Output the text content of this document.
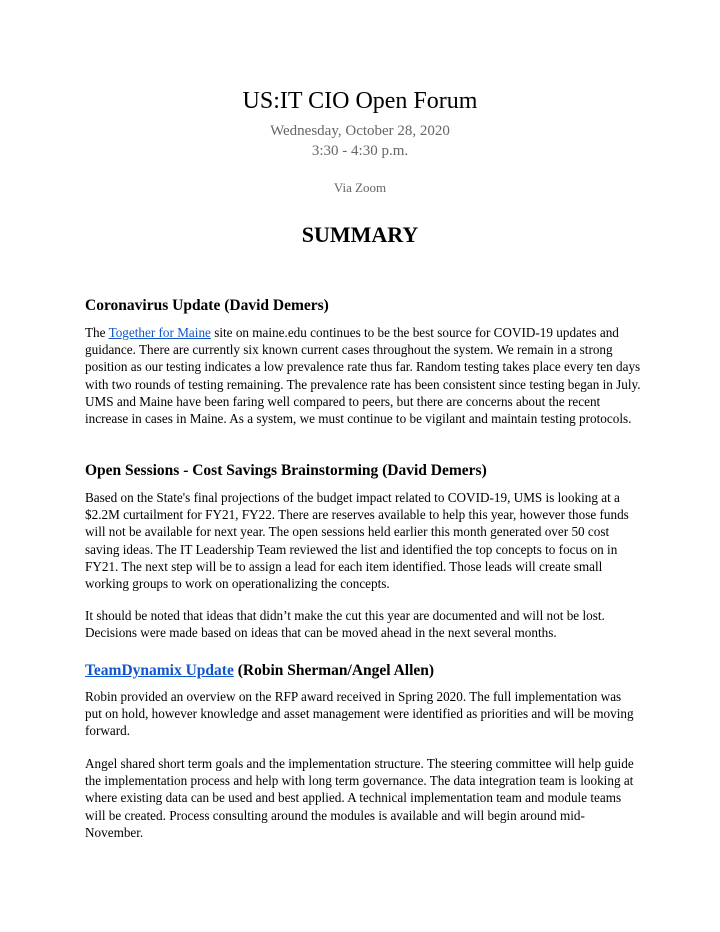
US:IT CIO Open Forum
Wednesday, October 28, 2020
3:30 - 4:30 p.m.
Via Zoom
SUMMARY
Coronavirus Update (David Demers)

The Together for Maine site on maine.edu continues to be the best source for COVID-19 updates and guidance. There are currently six known current cases throughout the system. We remain in a strong position as our testing indicates a low prevalence rate thus far. Random testing takes place every ten days with two rounds of testing remaining. The prevalence rate has been consistent since testing began in July. UMS and Maine have been faring well compared to peers, but there are concerns about the recent increase in cases in Maine. As a system, we must continue to be vigilant and maintain testing protocols.

Open Sessions - Cost Savings Brainstorming (David Demers)

Based on the State's final projections of the budget impact related to COVID-19, UMS is looking at a $2.2M curtailment for FY21, FY22. There are reserves available to help this year, however those funds will not be available for next year. The open sessions held earlier this month generated over 50 cost saving ideas. The IT Leadership Team reviewed the list and identified the top concepts to focus on in FY21. The next step will be to assign a lead for each item identified. Those leads will create small working groups to work on operationalizing the concepts.

It should be noted that ideas that didn’t make the cut this year are documented and will not be lost. Decisions were made based on ideas that can be moved ahead in the next several months.

TeamDynamix Update (Robin Sherman/Angel Allen)

Robin provided an overview on the RFP award received in Spring 2020. The full implementation was put on hold, however knowledge and asset management were identified as priorities and will be moving forward.

Angel shared short term goals and the implementation structure. The steering committee will help guide the implementation process and help with long term governance. The data integration team is looking at where existing data can be used and best applied. A technical implementation team and module teams will be created. Process consulting around the modules is available and will begin around mid-November.
